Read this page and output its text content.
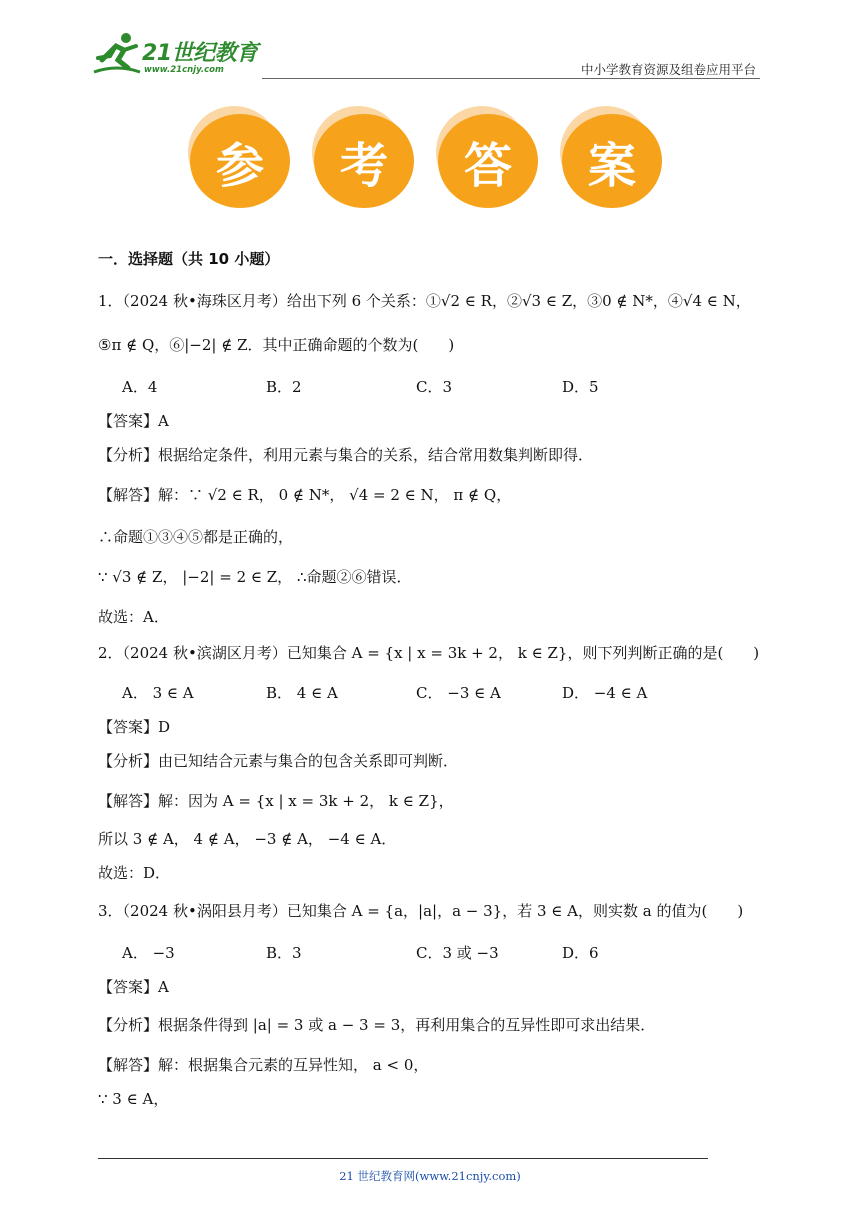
21世纪教育
www.21cnjy.com	中小学教育资源及组卷应用平台
参	考	答	案
一．选择题（共 10 小题）
1．（2024 秋•海珠区月考）给出下列 6 个关系：①√2 ∈ R，②√3 ∈ Z，③0 ∉ N*，④√4 ∈ N，
⑤π ∉ Q，⑥|−2| ∉ Z．其中正确命题的个数为(　　)
A．4	B．2	C．3	D．5
【答案】A
【分析】根据给定条件，利用元素与集合的关系，结合常用数集判断即得．
【解答】解：∵ √2 ∈ R， 0 ∉ N*， √4 = 2 ∈ N， π ∉ Q，
∴命题①③④⑤都是正确的，
∵ √3 ∉ Z， |−2| = 2 ∈ Z， ∴命题②⑥错误．
故选：A．
2．（2024 秋•滨湖区月考）已知集合 A = {x | x = 3k + 2， k ∈ Z}，则下列判断正确的是(　　)
A． 3 ∈ A	B． 4 ∈ A	C． −3 ∈ A	D． −4 ∈ A
【答案】D
【分析】由已知结合元素与集合的包含关系即可判断．
【解答】解：因为 A = {x | x = 3k + 2， k ∈ Z}，
所以 3 ∉ A， 4 ∉ A， −3 ∉ A， −4 ∈ A．
故选：D．
3．（2024 秋•涡阳县月考）已知集合 A = {a，|a|，a − 3}，若 3 ∈ A，则实数 a 的值为(　　)
A． −3	B．3	C．3 或 −3	D．6
【答案】A
【分析】根据条件得到 |a| = 3 或 a − 3 = 3，再利用集合的互异性即可求出结果．
【解答】解：根据集合元素的互异性知， a < 0，
∵ 3 ∈ A，
21 世纪教育网(www.21cnjy.com)
